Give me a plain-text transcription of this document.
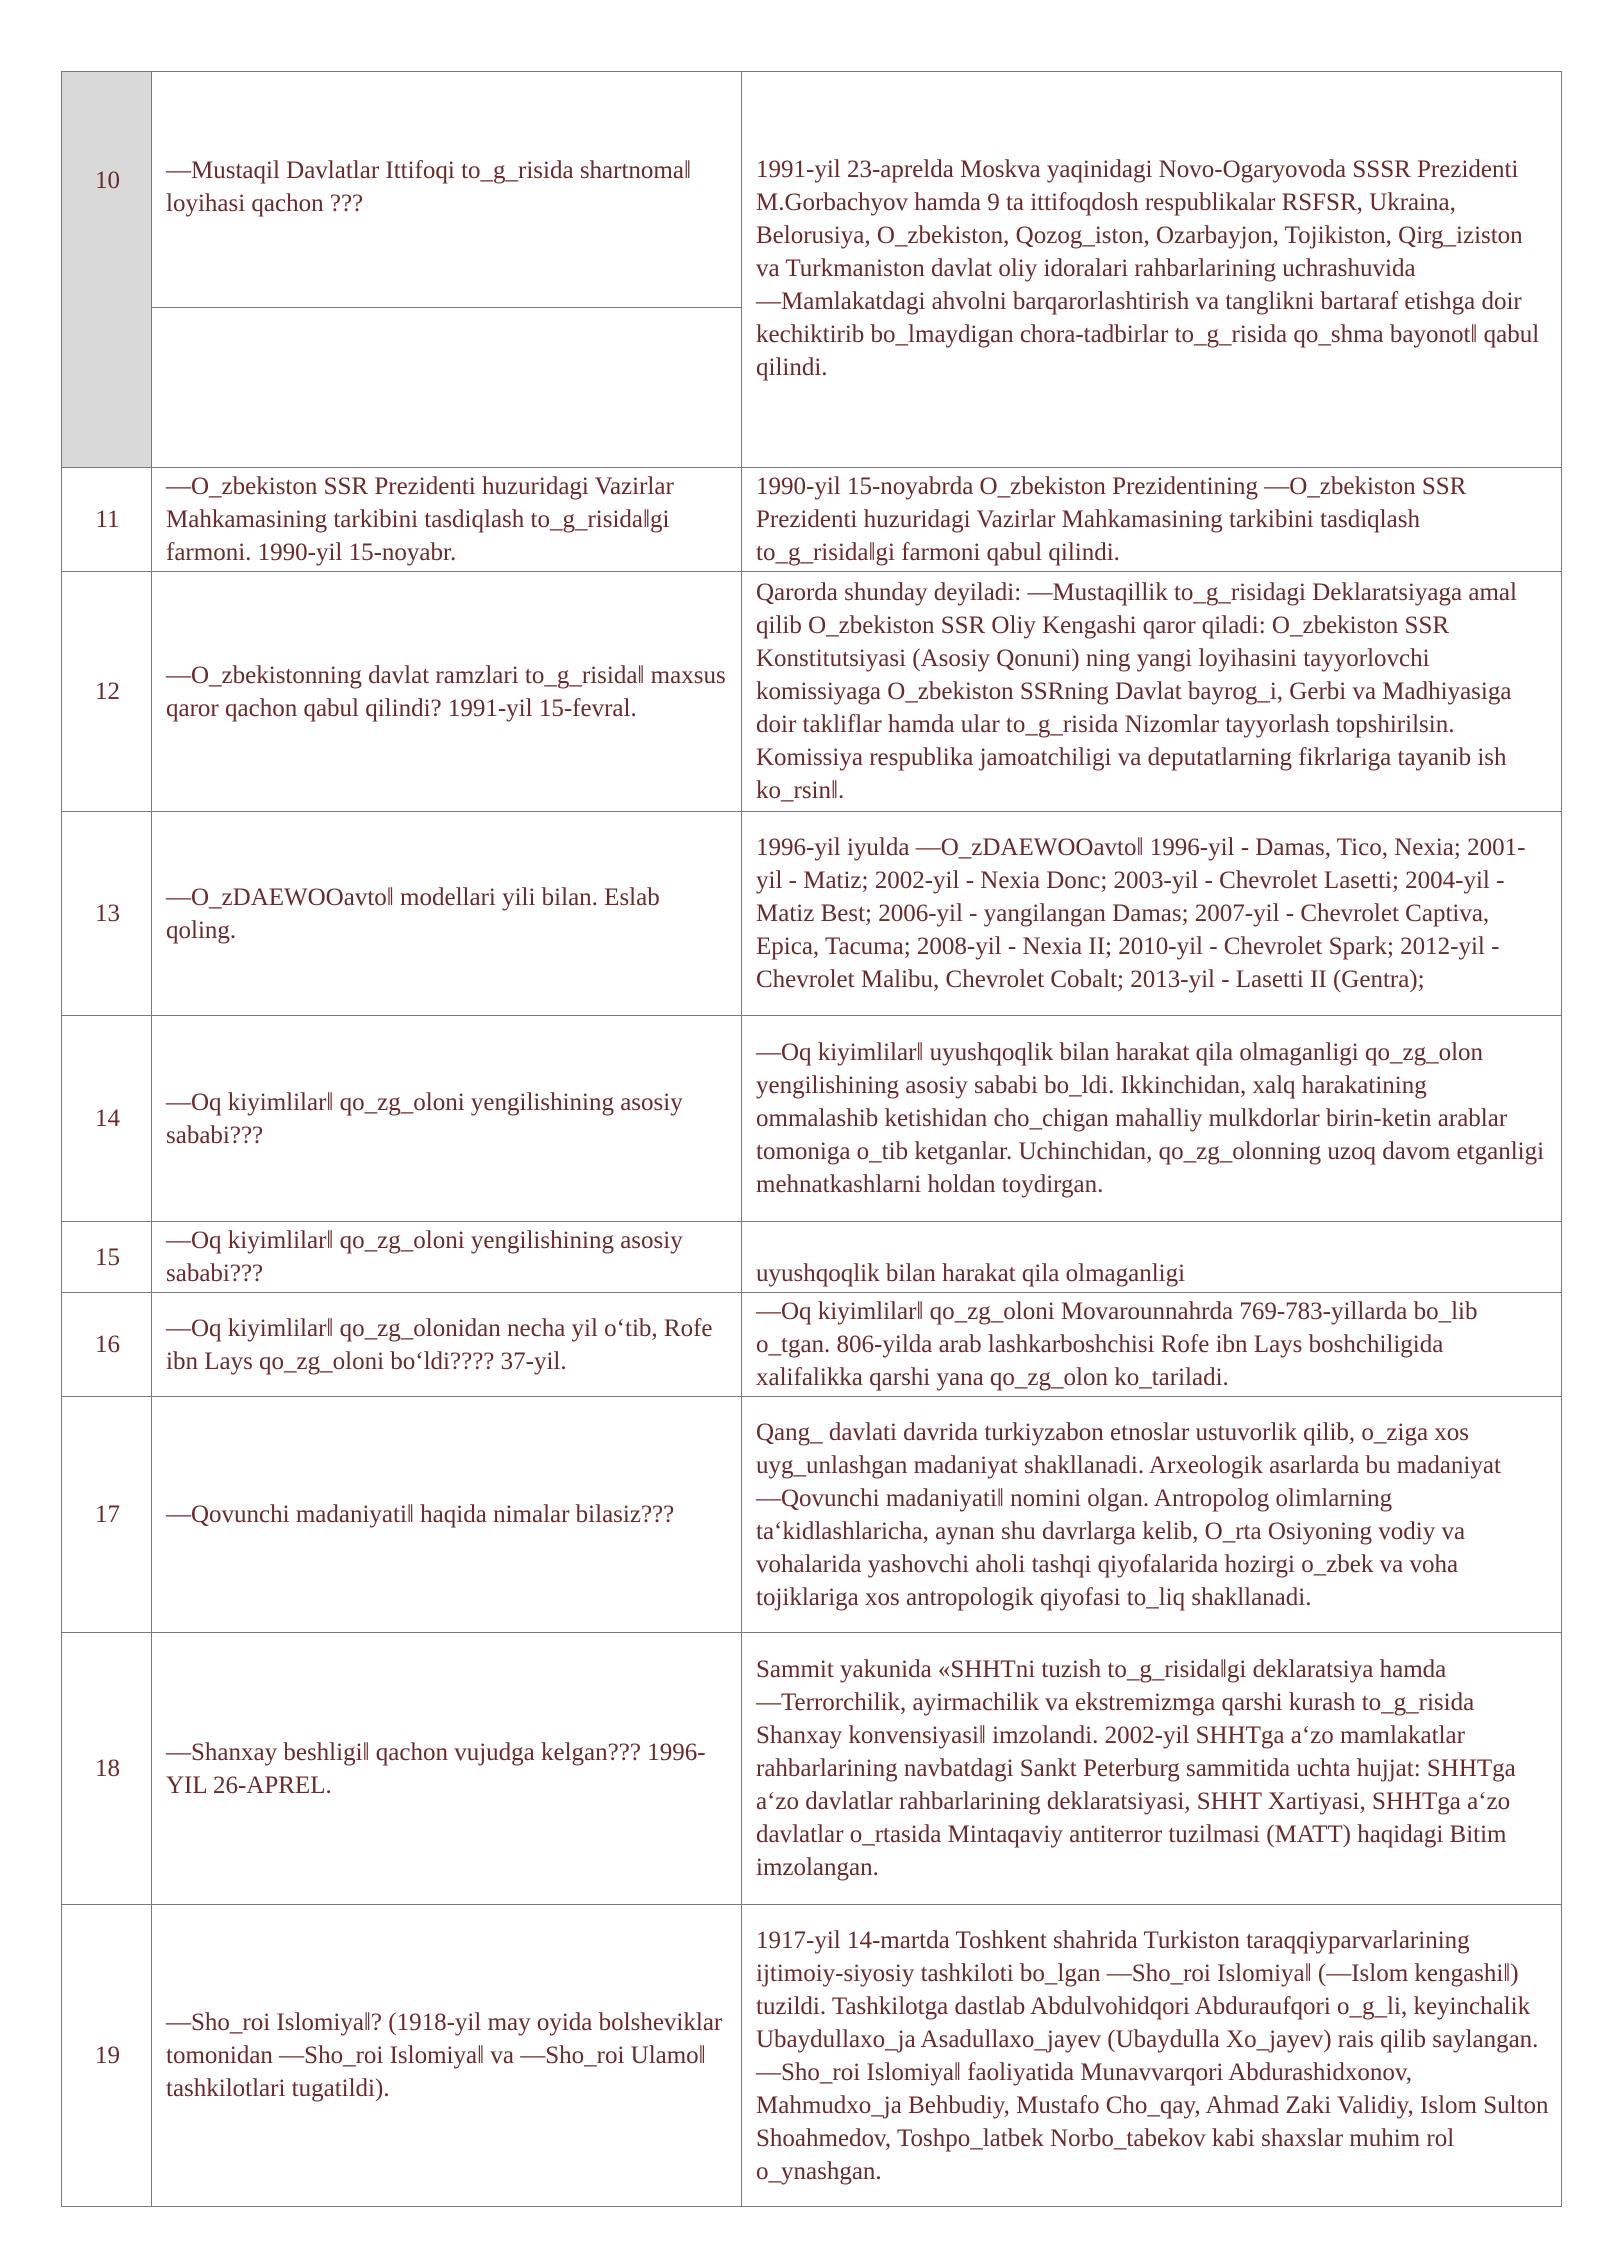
10	―Mustaqil Davlatlar Ittifoqi to_g_risida shartnoma‖ loyihasi qachon ???	1991-yil 23-aprelda Moskva yaqinidagi Novo-Ogaryovoda SSSR Prezidenti M.Gorbachyov hamda 9 ta ittifoqdosh respublikalar RSFSR, Ukraina, Belorusiya, O_zbekiston, Qozog_iston, Ozarbayjon, Tojikiston, Qirg_iziston va Turkmaniston davlat oliy idoralari rahbarlarining uchrashuvida ―Mamlakatdagi ahvolni barqarorlashtirish va tanglikni bartaraf etishga doir kechiktirib bo_lmaydigan chora-tadbirlar to_g_risida qo_shma bayonot‖ qabul qilindi.

11	―O_zbekiston SSR Prezidenti huzuridagi Vazirlar Mahkamasining tarkibini tasdiqlash to_g_risida‖gi farmoni. 1990-yil 15-noyabr.	1990-yil 15-noyabrda O_zbekiston Prezidentining ―O_zbekiston SSR Prezidenti huzuridagi Vazirlar Mahkamasining tarkibini tasdiqlash to_g_risida‖gi farmoni qabul qilindi.
12	―O_zbekistonning davlat ramzlari to_g_risida‖ maxsus qaror qachon qabul qilindi? 1991-yil 15-fevral.	Qarorda shunday deyiladi: ―Mustaqillik to_g_risidagi Deklaratsiyaga amal qilib O_zbekiston SSR Oliy Kengashi qaror qiladi: O_zbekiston SSR Konstitutsiyasi (Asosiy Qonuni) ning yangi loyihasini tayyorlovchi komissiyaga O_zbekiston SSRning Davlat bayrog_i, Gerbi va Madhiyasiga doir takliflar hamda ular to_g_risida Nizomlar tayyorlash topshirilsin. Komissiya respublika jamoatchiligi va deputatlarning fikrlariga tayanib ish ko_rsin‖.
13	―O_zDAEWOOavto‖ modellari yili bilan. Eslab qoling.	1996-yil iyulda ―O_zDAEWOOavto‖ 1996-yil - Damas, Tico, Nexia; 2001-yil - Matiz; 2002-yil - Nexia Donc; 2003-yil - Chevrolet Lasetti; 2004-yil - Matiz Best; 2006-yil - yangilangan Damas; 2007-yil - Chevrolet Captiva, Epica, Tacuma; 2008-yil - Nexia II; 2010-yil - Chevrolet Spark; 2012-yil - Chevrolet Malibu, Chevrolet Cobalt; 2013-yil - Lasetti II (Gentra);
14	―Oq kiyimlilar‖ qo_zg_oloni yengilishining asosiy sababi???	―Oq kiyimlilar‖ uyushqoqlik bilan harakat qila olmaganligi qo_zg_olon yengilishining asosiy sababi bo_ldi. Ikkinchidan, xalq harakatining ommalashib ketishidan cho_chigan mahalliy mulkdorlar birin-ketin arablar tomoniga o_tib ketganlar. Uchinchidan, qo_zg_olonning uzoq davom etganligi mehnatkashlarni holdan toydirgan.
15	―Oq kiyimlilar‖ qo_zg_oloni yengilishining asosiy sababi???	uyushqoqlik bilan harakat qila olmaganligi
16	―Oq kiyimlilar‖ qo_zg_olonidan necha yil o‘tib, Rofe ibn Lays qo_zg_oloni bo‘ldi???? 37-yil.	―Oq kiyimlilar‖ qo_zg_oloni Movarounnahrda 769-783-yillarda bo_lib o_tgan. 806-yilda arab lashkarboshchisi Rofe ibn Lays boshchiligida xalifalikka qarshi yana qo_zg_olon ko_tariladi.
17	―Qovunchi madaniyati‖ haqida nimalar bilasiz???	Qang_ davlati davrida turkiyzabon etnoslar ustuvorlik qilib, o_ziga xos uyg_unlashgan madaniyat shakllanadi. Arxeologik asarlarda bu madaniyat ―Qovunchi madaniyati‖ nomini olgan. Antropolog olimlarning ta‘kidlashlaricha, aynan shu davrlarga kelib, O_rta Osiyoning vodiy va vohalarida yashovchi aholi tashqi qiyofalarida hozirgi o_zbek va voha tojiklariga xos antropologik qiyofasi to_liq shakllanadi.
18	―Shanxay beshligi‖ qachon vujudga kelgan??? 1996-YIL 26-APREL.	Sammit yakunida «SHHTni tuzish to_g_risida‖gi deklaratsiya hamda ―Terrorchilik, ayirmachilik va ekstremizmga qarshi kurash to_g_risida Shanxay konvensiyasi‖ imzolandi. 2002-yil SHHTga a‘zo mamlakatlar rahbarlarining navbatdagi Sankt Peterburg sammitida uchta hujjat: SHHTga a‘zo davlatlar rahbarlarining deklaratsiyasi, SHHT Xartiyasi, SHHTga a‘zo davlatlar o_rtasida Mintaqaviy antiterror tuzilmasi (MATT) haqidagi Bitim imzolangan.
19	―Sho_roi Islomiya‖? (1918-yil may oyida bolsheviklar tomonidan ―Sho_roi Islomiya‖ va ―Sho_roi Ulamo‖ tashkilotlari tugatildi).	1917-yil 14-martda Toshkent shahrida Turkiston taraqqiyparvarlarining ijtimoiy-siyosiy tashkiloti bo_lgan ―Sho_roi Islomiya‖ (―Islom kengashi‖) tuzildi. Tashkilotga dastlab Abdulvohidqori Abduraufqori o_g_li, keyinchalik Ubaydullaxo_ja Asadullaxo_jayev (Ubaydulla Xo_jayev) rais qilib saylangan. ―Sho_roi Islomiya‖ faoliyatida Munavvarqori Abdurashidxonov, Mahmudxo_ja Behbudiy, Mustafo Cho_qay, Ahmad Zaki Validiy, Islom Sulton Shoahmedov, Toshpo_latbek Norbo_tabekov kabi shaxslar muhim rol o_ynashgan.
